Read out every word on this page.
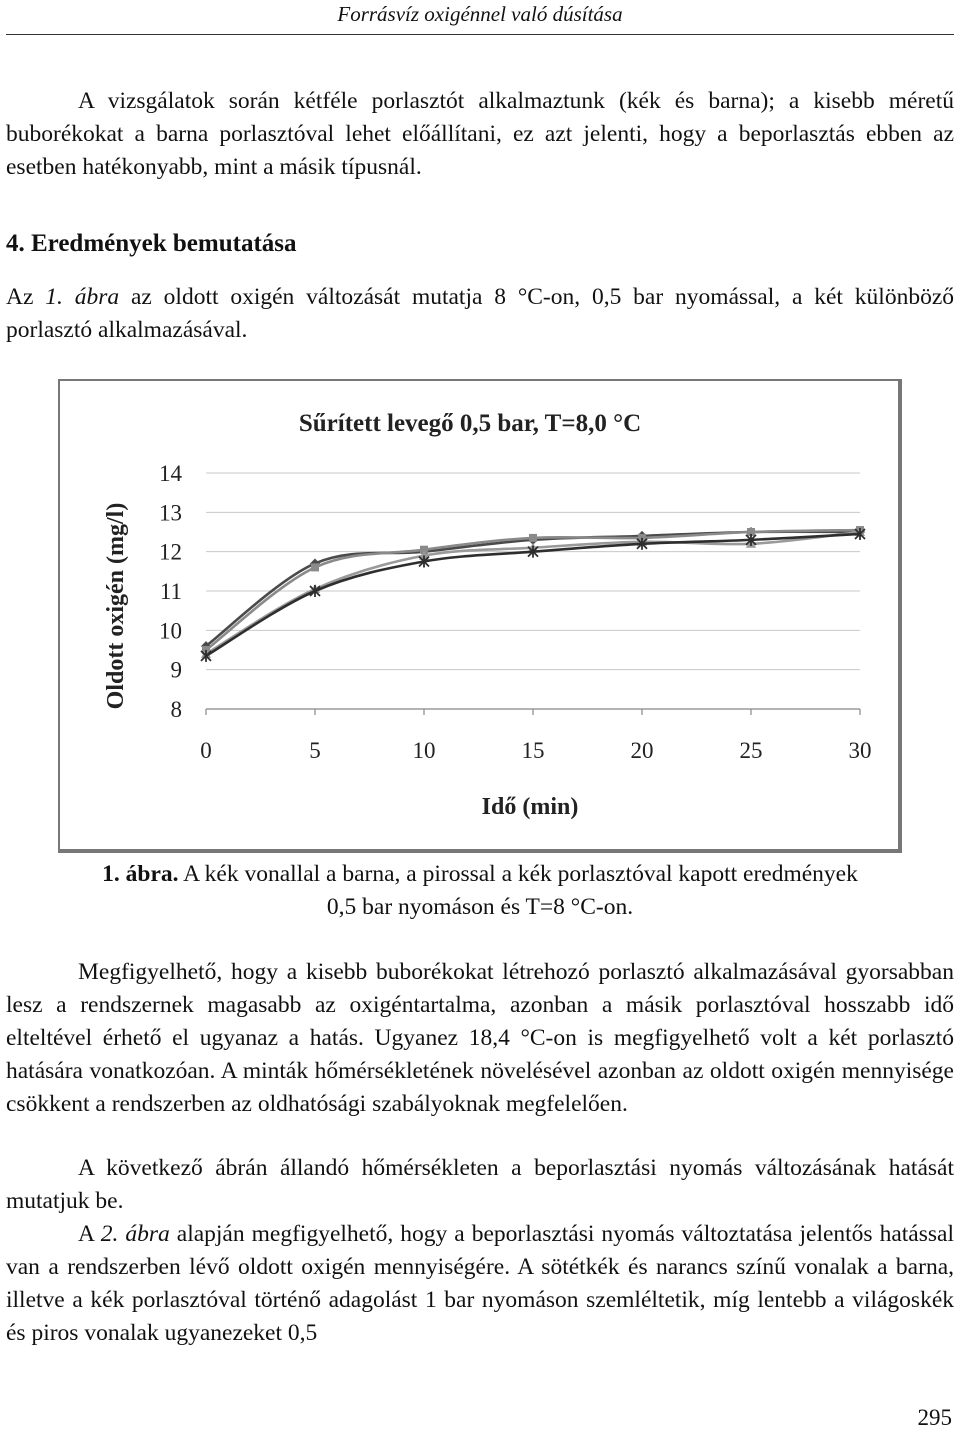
Forrásvíz oxigénnel való dúsítása

A vizsgálatok során kétféle porlasztót alkalmaztunk (kék és barna); a kisebb méretű buborékokat a barna porlasztóval lehet előállítani, ez azt jelenti, hogy a beporlasztás ebben az esetben hatékonyabb, mint a másik típusnál.

4. Eredmények bemutatása

Az 1. ábra az oldott oxigén változását mutatja 8 °C-on, 0,5 bar nyomással, a két különböző porlasztó alkalmazásával.

Sűrített levegő 0,5 bar, T=8,0 °C
8
9
10
11
12
13
14
0	5	10	15	20	25	30
Idő (min)
Oldott oxigén (mg/l)

1. ábra. A kék vonallal a barna, a pirossal a kék porlasztóval kapott eredmények

0,5 bar nyomáson és T=8 °C-on.

Megfigyelhető, hogy a kisebb buborékokat létrehozó porlasztó alkalmazásával gyorsabban lesz a rendszernek magasabb az oxigéntartalma, azonban a másik porlasztóval hosszabb idő elteltével érhető el ugyanaz a hatás. Ugyanez 18,4 °C-on is megfigyelhető volt a két porlasztó hatására vonatkozóan. A minták hőmérsékletének növelésével azonban az oldott oxigén mennyisége csökkent a rendszerben az oldhatósági szabályoknak megfelelően.

A következő ábrán állandó hőmérsékleten a beporlasztási nyomás változásának hatását mutatjuk be.

A 2. ábra alapján megfigyelhető, hogy a beporlasztási nyomás változtatása jelentős hatással van a rendszerben lévő oldott oxigén mennyiségére. A sötétkék és narancs színű vonalak a barna, illetve a kék porlasztóval történő adagolást 1 bar nyomáson szemléltetik, míg lentebb a világoskék és piros vonalak ugyanezeket 0,5

295
